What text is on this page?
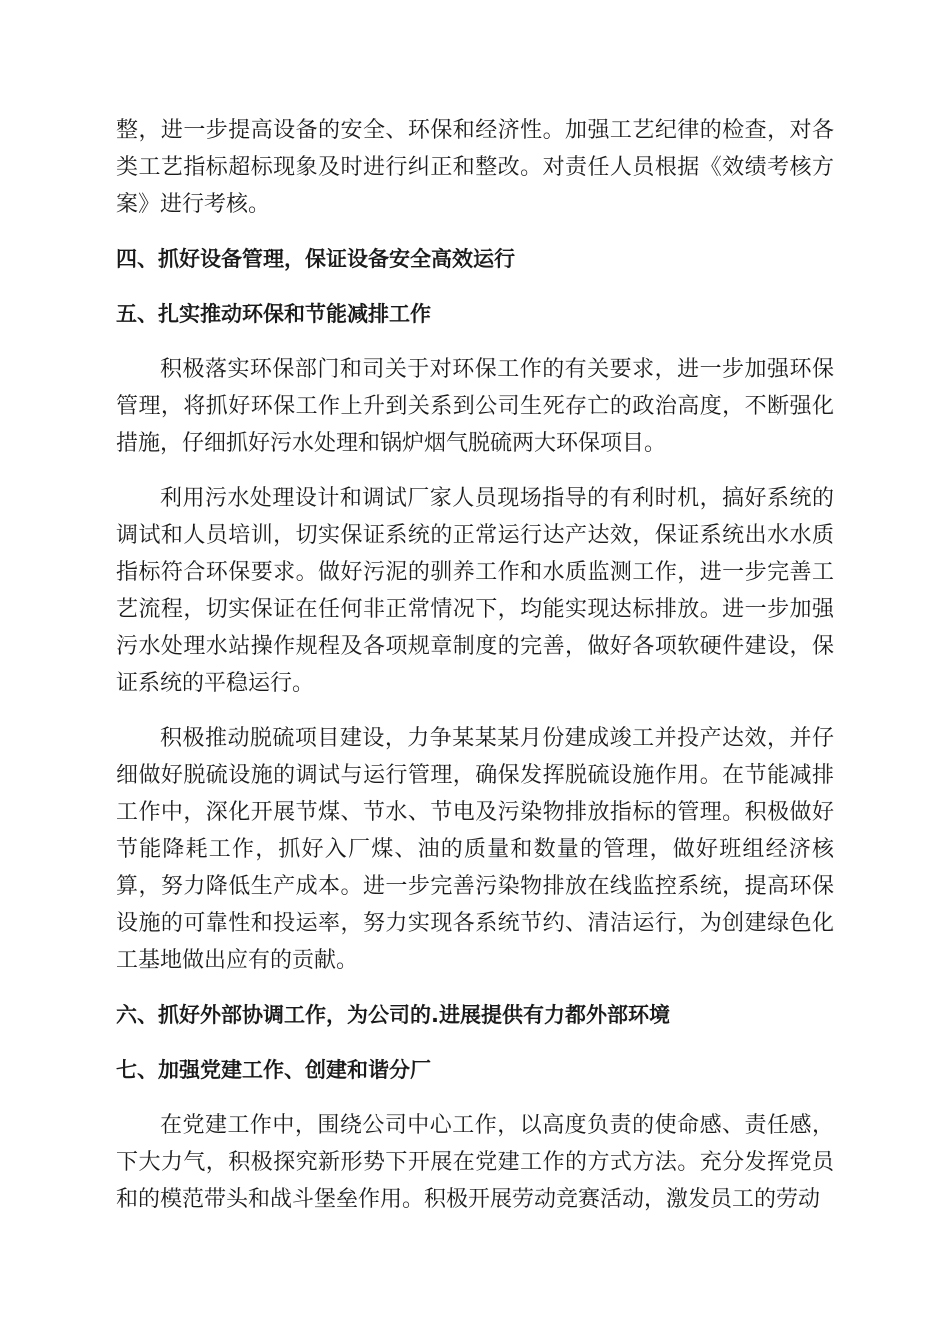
整，进一步提高设备的安全、环保和经济性。加强工艺纪律的检查，对各类工艺指标超标现象及时进行纠正和整改。对责任人员根据《效绩考核方案》进行考核。

四、抓好设备管理，保证设备安全高效运行

五、扎实推动环保和节能减排工作

积极落实环保部门和司关于对环保工作的有关要求，进一步加强环保管理，将抓好环保工作上升到关系到公司生死存亡的政治高度，不断强化措施，仔细抓好污水处理和锅炉烟气脱硫两大环保项目。

利用污水处理设计和调试厂家人员现场指导的有利时机，搞好系统的调试和人员培训，切实保证系统的正常运行达产达效，保证系统出水水质指标符合环保要求。做好污泥的驯养工作和水质监测工作，进一步完善工艺流程，切实保证在任何非正常情况下，均能实现达标排放。进一步加强污水处理水站操作规程及各项规章制度的完善，做好各项软硬件建设，保证系统的平稳运行。

积极推动脱硫项目建设，力争某某某月份建成竣工并投产达效，并仔细做好脱硫设施的调试与运行管理，确保发挥脱硫设施作用。在节能减排工作中，深化开展节煤、节水、节电及污染物排放指标的管理。积极做好节能降耗工作，抓好入厂煤、油的质量和数量的管理，做好班组经济核算，努力降低生产成本。进一步完善污染物排放在线监控系统，提高环保设施的可靠性和投运率，努力实现各系统节约、清洁运行，为创建绿色化工基地做出应有的贡献。

六、抓好外部协调工作，为公司的.进展提供有力都外部环境

七、加强党建工作、创建和谐分厂

在党建工作中，围绕公司中心工作，以高度负责的使命感、责任感，下大力气，积极探究新形势下开展在党建工作的方式方法。充分发挥党员和的模范带头和战斗堡垒作用。积极开展劳动竞赛活动，激发员工的劳动
